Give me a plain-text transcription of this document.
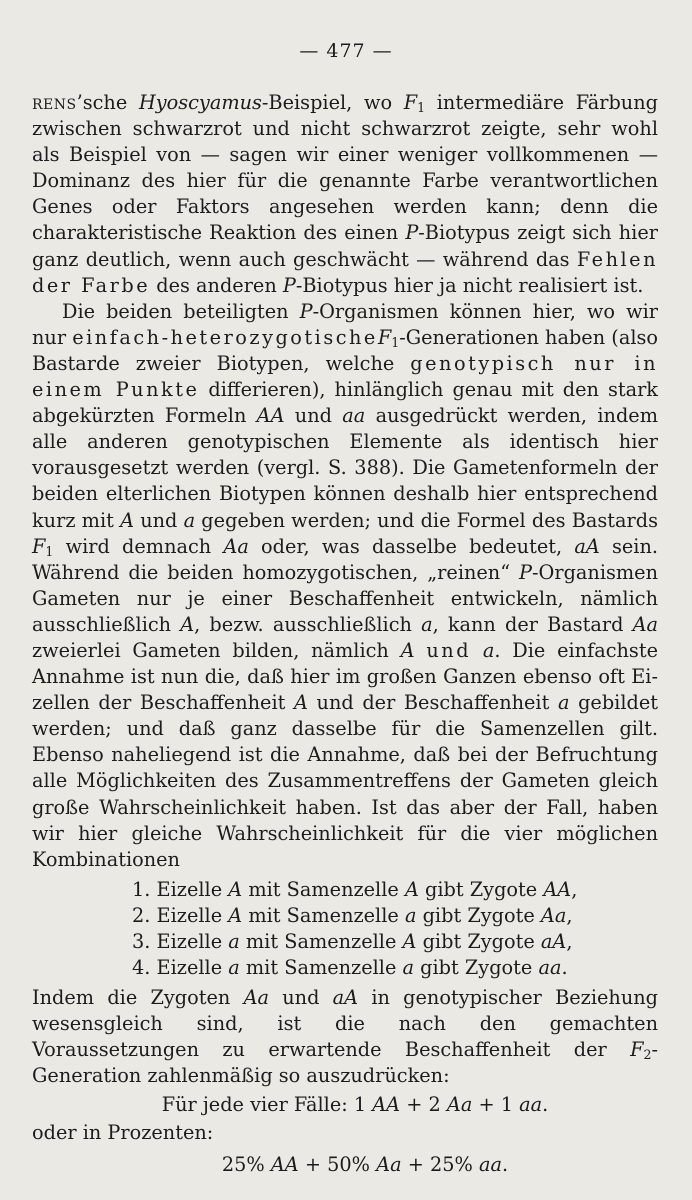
— 477 —

rens’sche Hyoscyamus-Beispiel, wo $F_1$ intermediäre Färbung zwischen schwarzrot und nicht schwarzrot zeigte, sehr wohl als Beispiel von — sagen wir einer weniger vollkommenen — Dominanz des hier für die genannte Farbe verantwortlichen Genes oder Faktors angesehen werden kann; denn die charakteristische Reaktion des einen P-Biotypus zeigt sich hier ganz deutlich, wenn auch geschwächt — während das Fehlen der Farbe des anderen P-Biotypus hier ja nicht realisiert ist.

Die beiden beteiligten P-Organismen können hier, wo wir nur einfach-heterozygotischeF$_1$-Generationen haben (also Bastarde zweier Biotypen, welche genotypisch nur in einem Punkte differieren), hinlänglich genau mit den stark abgekürzten Formeln AA und aa ausgedrückt werden, indem alle anderen genotypischen Elemente als identisch hier vorausgesetzt werden (vergl. S. 388). Die Gametenformeln der beiden elterlichen Biotypen können deshalb hier entsprechend kurz mit A und a gegeben werden; und die Formel des Bastards $F_1$ wird demnach Aa oder, was dasselbe bedeutet, aA sein. Während die beiden homozygotischen, „reinen“ P-Organismen Gameten nur je einer Beschaffenheit entwickeln, nämlich ausschließlich A, bezw. ausschließlich a, kann der Bastard Aa zweierlei Gameten bilden, nämlich A und a. Die einfachste Annahme ist nun die, daß hier im großen Ganzen ebenso oft Eizellen der Beschaffenheit A und der Beschaffenheit a gebildet werden; und daß ganz dasselbe für die Samenzellen gilt. Ebenso naheliegend ist die Annahme, daß bei der Befruchtung alle Möglichkeiten des Zusammentreffens der Gameten gleich große Wahrscheinlichkeit haben. Ist das aber der Fall, haben wir hier gleiche Wahrscheinlichkeit für die vier möglichen Kombinationen

1. Eizelle A mit Samenzelle A gibt Zygote AA,
2. Eizelle A mit Samenzelle a gibt Zygote Aa,
3. Eizelle a mit Samenzelle A gibt Zygote aA,
4. Eizelle a mit Samenzelle a gibt Zygote aa.

Indem die Zygoten Aa und aA in genotypischer Beziehung wesensgleich sind, ist die nach den gemachten Voraussetzungen zu erwartende Beschaffenheit der $F_2$-Generation zahlenmäßig so auszudrücken:

Für jede vier Fälle: 1 AA + 2 Aa + 1 aa.

oder in Prozenten:

25% AA + 50% Aa + 25% aa.
